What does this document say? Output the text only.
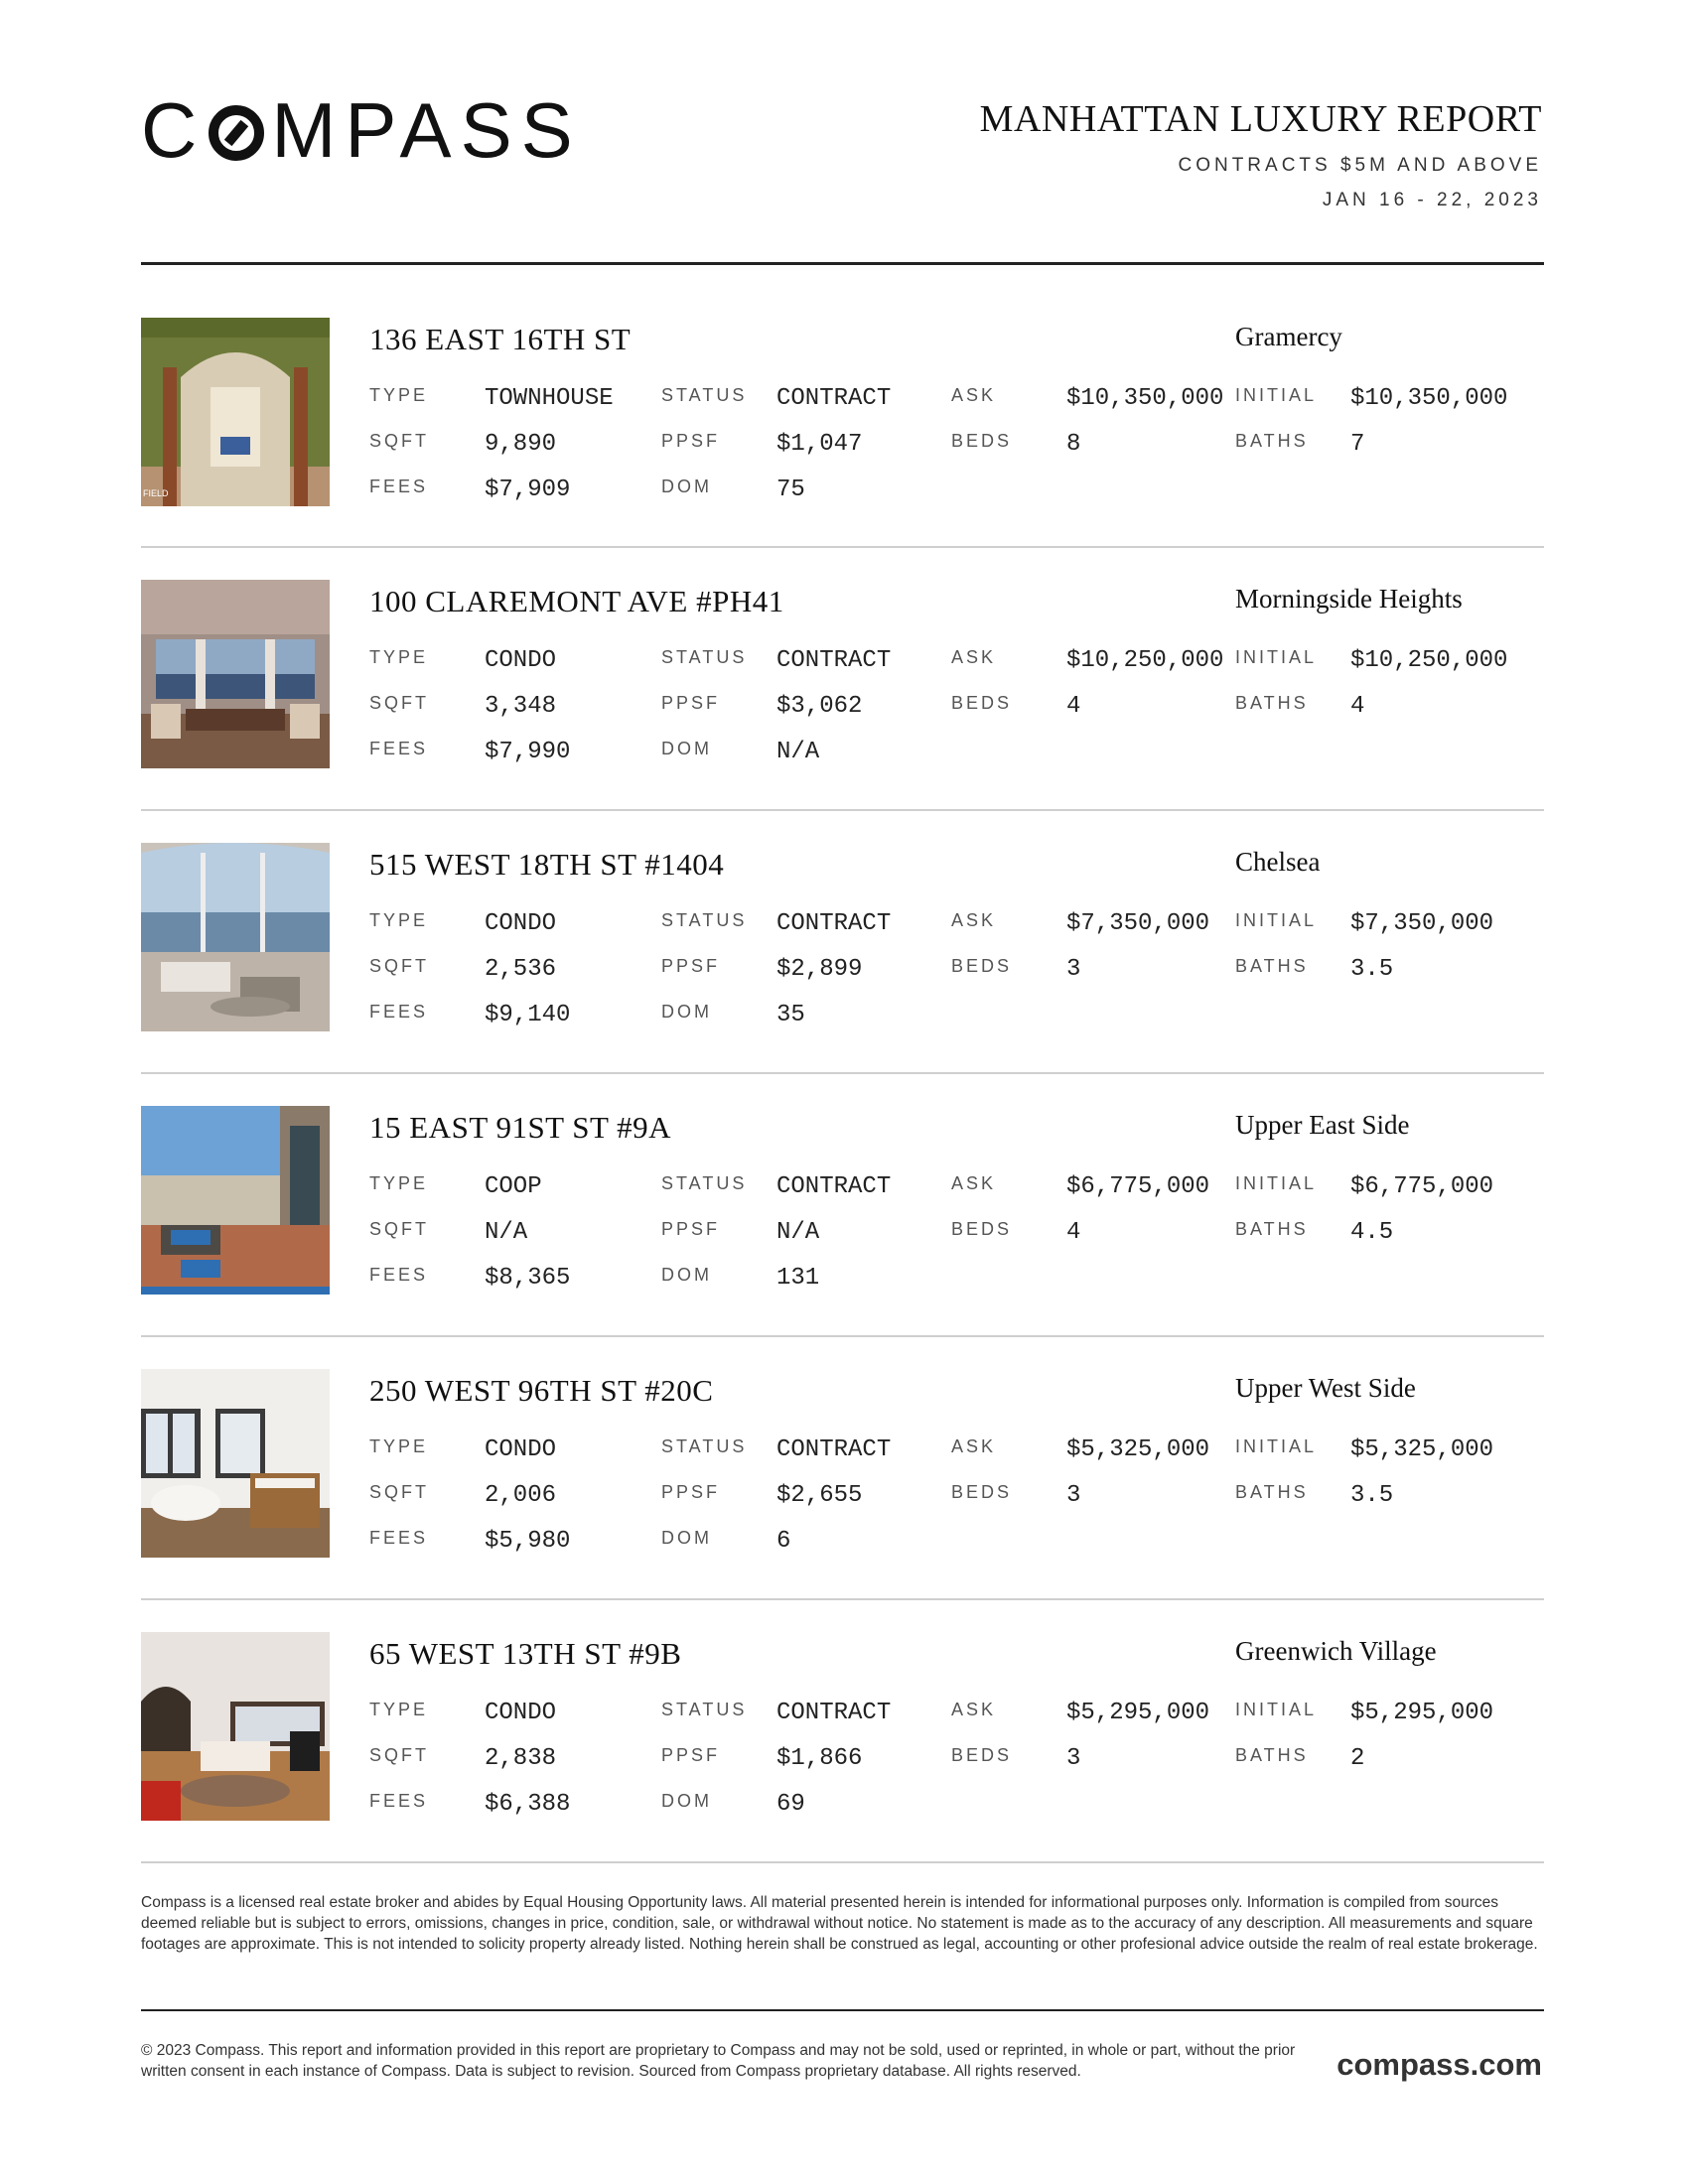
C MPASS	MANHATTAN LUXURY REPORT
CONTRACTS $5M AND ABOVE
JAN 16 - 22, 2023
FIELD
136 EAST 16TH ST	Gramercy
TYPE TOWNHOUSE	STATUS CONTRACT	ASK	$10,350,000 INITIAL $10,350,000
SQFT 9,890	PPSF $1,047	BEDS 8	BATHS 7
FEES $7,909	DOM	75
100 CLAREMONT AVE #PH41	Morningside Heights
TYPE CONDO	STATUS CONTRACT	ASK	$10,250,000 INITIAL $10,250,000
SQFT 3,348	PPSF $3,062	BEDS 4	BATHS 4
FEES $7,990	DOM	N/A
515 WEST 18TH ST #1404	Chelsea
TYPE CONDO	STATUS CONTRACT	ASK	$7,350,000 INITIAL $7,350,000
SQFT 2,536	PPSF $2,899	BEDS 3	BATHS 3.5
FEES $9,140	DOM	35
15 EAST 91ST ST #9A	Upper East Side
TYPE COOP	STATUS CONTRACT	ASK	$6,775,000 INITIAL $6,775,000
SQFT N/A	PPSF N/A	BEDS 4	BATHS 4.5
FEES $8,365	DOM	131
250 WEST 96TH ST #20C	Upper West Side
TYPE CONDO	STATUS CONTRACT	ASK	$5,325,000 INITIAL $5,325,000
SQFT 2,006	PPSF $2,655	BEDS 3	BATHS 3.5
FEES $5,980	DOM	6
65 WEST 13TH ST #9B	Greenwich Village
TYPE CONDO	STATUS CONTRACT	ASK	$5,295,000 INITIAL $5,295,000
SQFT 2,838	PPSF $1,866	BEDS 3	BATHS 2
FEES $6,388	DOM	69
Compass is a licensed real estate broker and abides by Equal Housing Opportunity laws. All material presented herein is intended for informational purposes only. Information is compiled from sources deemed reliable but is subject to errors, omissions, changes in price, condition, sale, or withdrawal without notice. No statement is made as to the accuracy of any description. All measurements and square footages are approximate. This is not intended to solicity property already listed. Nothing herein shall be construed as legal, accounting or other profesional advice outside the realm of real estate brokerage.
© 2023 Compass. This report and information provided in this report are proprietary to Compass and may not be sold, used or reprinted, in whole or part, without the prior written consent in each instance of Compass. Data is subject to revision. Sourced from Compass proprietary database. All rights reserved.	compass.com
